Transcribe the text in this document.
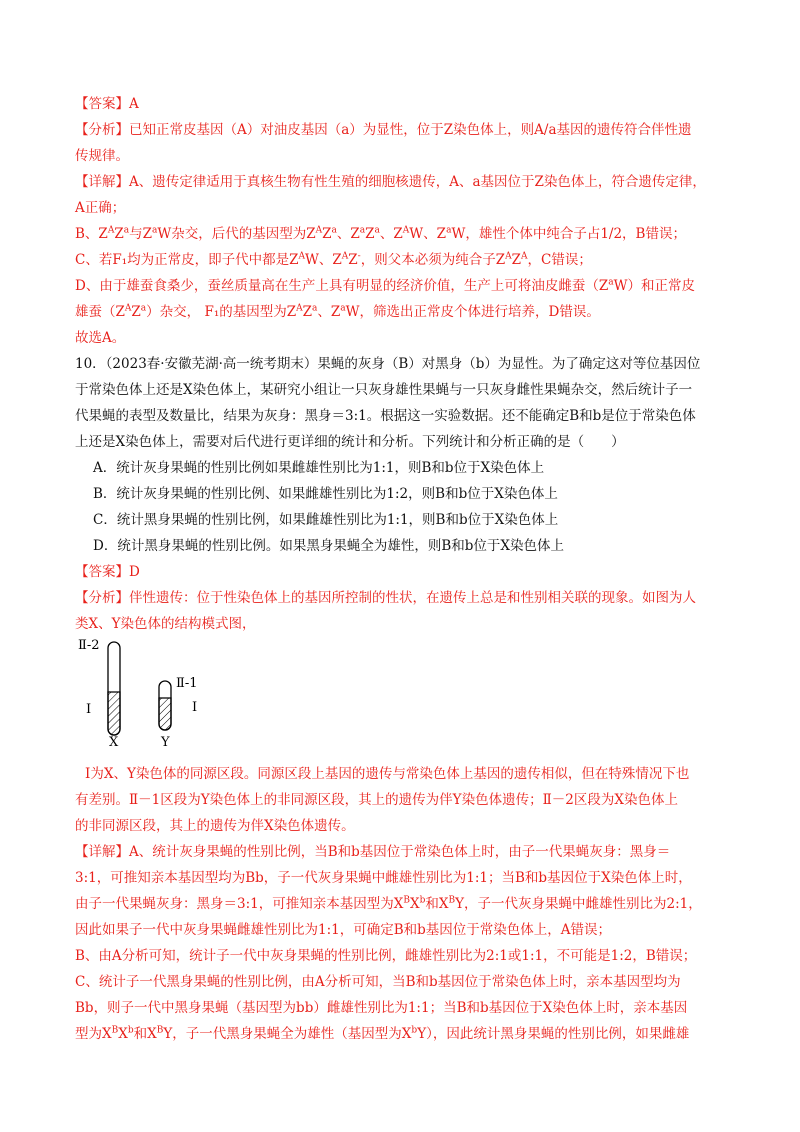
【答案】A
【分析】已知正常皮基因（A）对油皮基因（a）为显性，位于Z染色体上，则A/a基因的遗传符合伴性遗
传规律。
【详解】A、遗传定律适用于真核生物有性生殖的细胞核遗传，A、a基因位于Z染色体上，符合遗传定律，
A正确；
B、$Z^AZ^a$与$Z^aW$杂交，后代的基因型为$Z^AZ^a$、$Z^aZ^a$、$Z^AW$、$Z^aW$，雄性个体中纯合子占1/2，B错误；
C、若F₁均为正常皮，即子代中都是$Z^AW$、$Z^AZ^-$，则父本必须为纯合子$Z^AZ^A$，C错误；
D、由于雄蚕食桑少，蚕丝质量高在生产上具有明显的经济价值，生产上可将油皮雌蚕$(Z^aW)$和正常皮
雄蚕$(Z^AZ^a)$杂交， F₁的基因型为$Z^AZ^a$、$Z^aW$，筛选出正常皮个体进行培养，D错误。
故选A。
10．（2023春·安徽芜湖·高一统考期末）果蝇的灰身（B）对黑身（b）为显性。为了确定这对等位基因位
于常染色体上还是X染色体上，某研究小组让一只灰身雄性果蝇与一只灰身雌性果蝇杂交，然后统计子一
代果蝇的表型及数量比，结果为灰身：黑身＝3:1。根据这一实验数据。还不能确定B和b是位于常染色体
上还是X染色体上，需要对后代进行更详细的统计和分析。下列统计和分析正确的是（　　）
A．统计灰身果蝇的性别比例如果雌雄性别比为1:1，则B和b位于X染色体上
B．统计灰身果蝇的性别比例、如果雌雄性别比为1:2，则B和b位于X染色体上
C．统计黑身果蝇的性别比例，如果雌雄性别比为1:1，则B和b位于X染色体上
D．统计黑身果蝇的性别比例。如果黑身果蝇全为雄性，则B和b位于X染色体上
【答案】D
【分析】伴性遗传：位于性染色体上的基因所控制的性状，在遗传上总是和性别相关联的现象。如图为人
类X、Y染色体的结构模式图，
Ⅱ-2
Ⅱ-1
Ⅰ	Ⅰ
X	Y
Ⅰ为X、Y染色体的同源区段。同源区段上基因的遗传与常染色体上基因的遗传相似，但在特殊情况下也
有差别。Ⅱ－1区段为Y染色体上的非同源区段，其上的遗传为伴Y染色体遗传；Ⅱ－2区段为X染色体上
的非同源区段，其上的遗传为伴X染色体遗传。
【详解】A、统计灰身果蝇的性别比例，当B和b基因位于常染色体上时，由子一代果蝇灰身：黑身＝
3:1，可推知亲本基因型均为Bb，子一代灰身果蝇中雌雄性别比为1:1；当B和b基因位于X染色体上时，
由子一代果蝇灰身：黑身＝3:1，可推知亲本基因型为$X^BX^b$和$X^BY$，子一代灰身果蝇中雌雄性别比为2:1，
因此如果子一代中灰身果蝇雌雄性别比为1:1，可确定B和b基因位于常染色体上，A错误；
B、由A分析可知，统计子一代中灰身果蝇的性别比例，雌雄性别比为2:1或1:1，不可能是1:2，B错误；
C、统计子一代黑身果蝇的性别比例，由A分析可知，当B和b基因位于常染色体上时，亲本基因型均为
Bb，则子一代中黑身果蝇（基因型为bb）雌雄性别比为1:1；当B和b基因位于X染色体上时，亲本基因
型为$X^BX^b$和$X^BY$，子一代黑身果蝇全为雄性（基因型为$X^bY$），因此统计黑身果蝇的性别比例，如果雌雄
